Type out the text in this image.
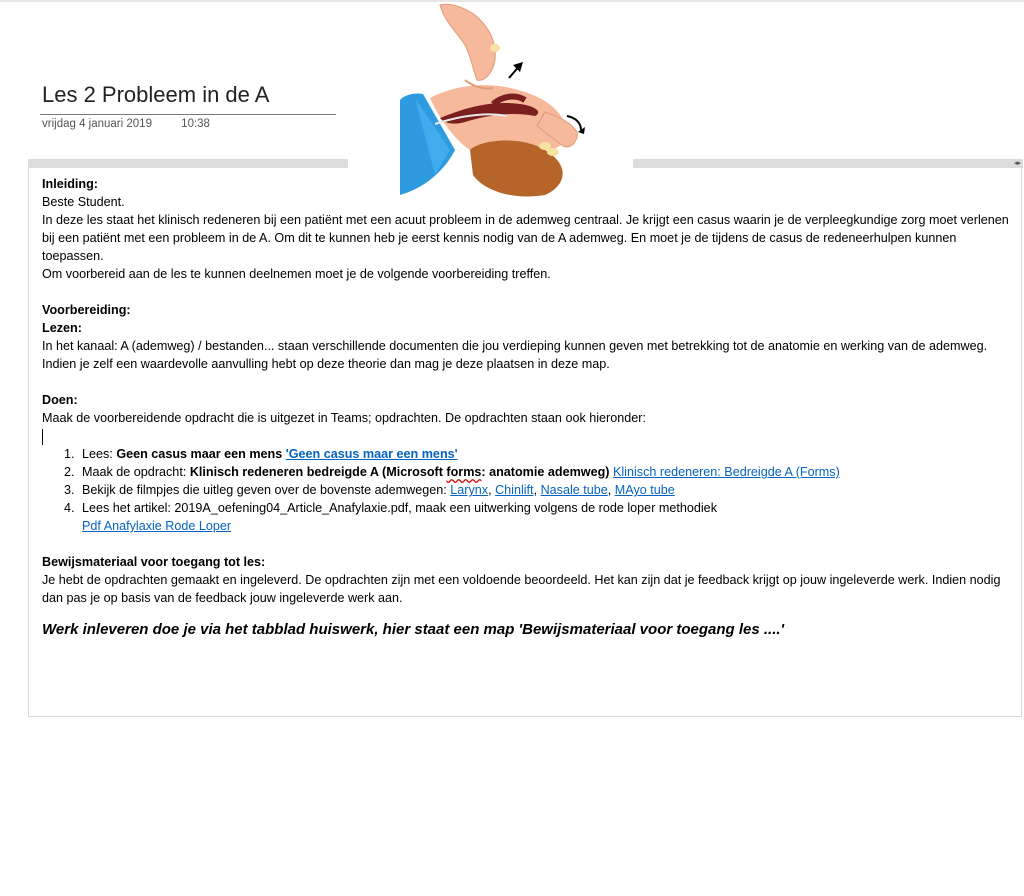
Les 2 Probleem in de A
vrijdag 4 januari 2019	10:38
◂▸

Inleiding:

Beste Student.

In deze les staat het klinisch redeneren bij een patiënt met een acuut probleem in de ademweg centraal. Je krijgt een casus waarin je de verpleegkundige zorg moet verlenen bij een patiënt met een probleem in de A. Om dit te kunnen heb je eerst kennis nodig van de A ademweg. En moet je de tijdens de casus de redeneerhulpen kunnen toepassen.

Om voorbereid aan de les te kunnen deelnemen moet je de volgende voorbereiding treffen.

Voorbereiding:

Lezen:

In het kanaal: A (ademweg) / bestanden... staan verschillende documenten die jou verdieping kunnen geven met betrekking tot de anatomie en werking van de ademweg. Indien je zelf een waardevolle aanvulling hebt op deze theorie dan mag je deze plaatsen in deze map.

Doen:

Maak de voorbereidende opdracht die is uitgezet in Teams; opdrachten. De opdrachten staan ook hieronder:

1. Lees: Geen casus maar een mens 'Geen casus maar een mens'
2. Maak de opdracht: Klinisch redeneren bedreigde A (Microsoft forms: anatomie ademweg) Klinisch redeneren: Bedreigde A (Forms)
3. Bekijk de filmpjes die uitleg geven over de bovenste ademwegen: Larynx, Chinlift, Nasale tube, MAyo tube
4. Lees het artikel: 2019A_oefening04_Article_Anafylaxie.pdf, maak een uitwerking volgens de rode loper methodiek
Pdf Anafylaxie Rode Loper

Bewijsmateriaal voor toegang tot les:

Je hebt de opdrachten gemaakt en ingeleverd. De opdrachten zijn met een voldoende beoordeeld. Het kan zijn dat je feedback krijgt op jouw ingeleverde werk. Indien nodig dan pas je op basis van de feedback jouw ingeleverde werk aan.

Werk inleveren doe je via het tabblad huiswerk, hier staat een map 'Bewijsmateriaal voor toegang les ....'
